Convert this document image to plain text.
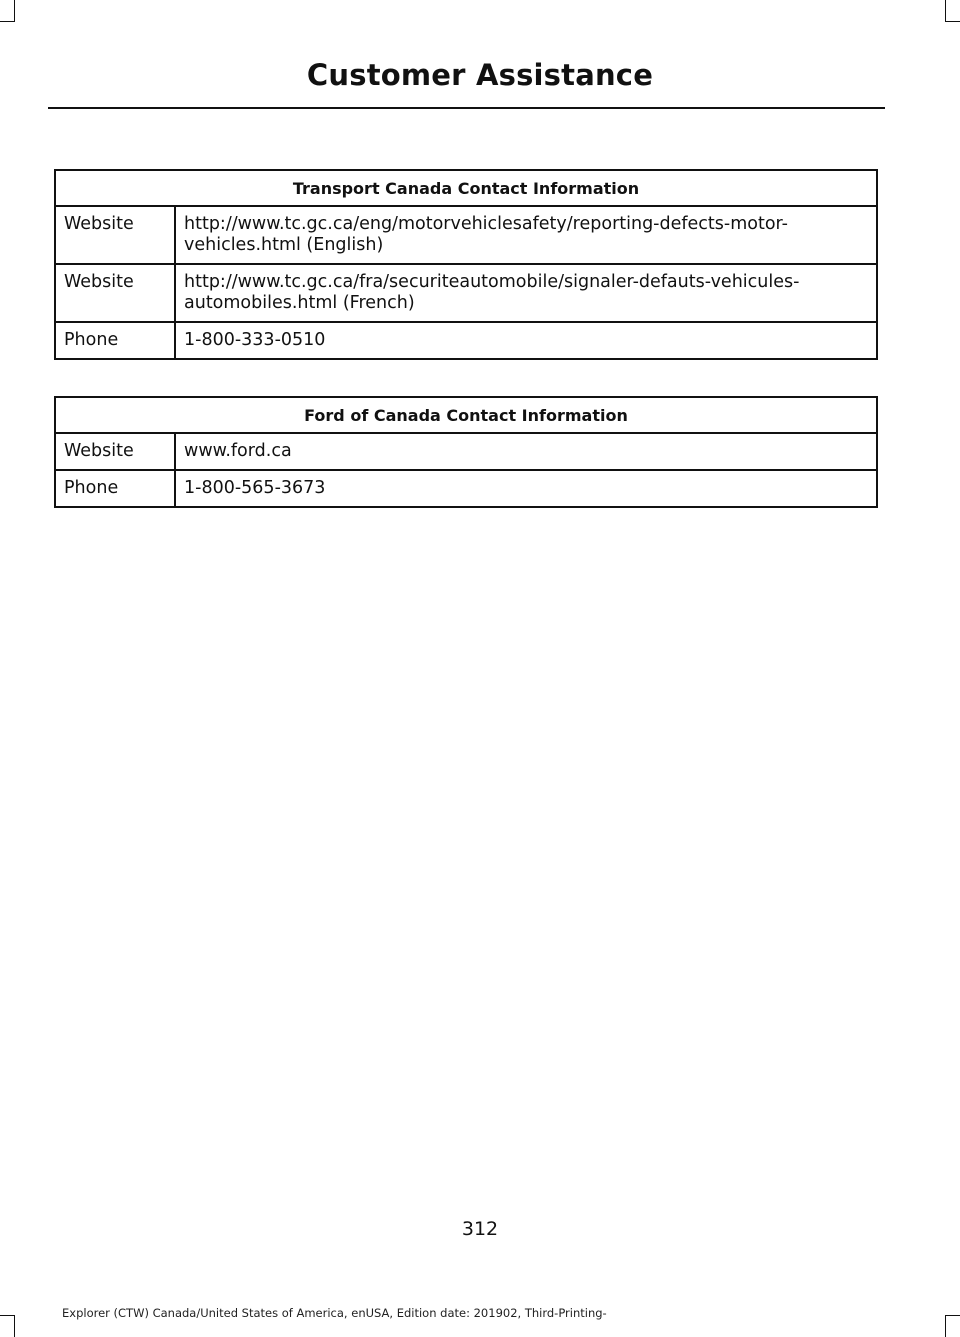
Customer Assistance
Transport Canada Contact Information	
Website	http://www.tc.gc.ca/eng/motorvehiclesafety/reporting-defects-motor-vehicles.html (English)
Website	http://www.tc.gc.ca/fra/securiteautomobile/signaler-defauts-vehicules-automobiles.html (French)
Phone	1-800-333-0510
Ford of Canada Contact Information	
Website	www.ford.ca
Phone	1-800-565-3673
312
Explorer (CTW) Canada/United States of America, enUSA, Edition date: 201902, Third-Printing-
